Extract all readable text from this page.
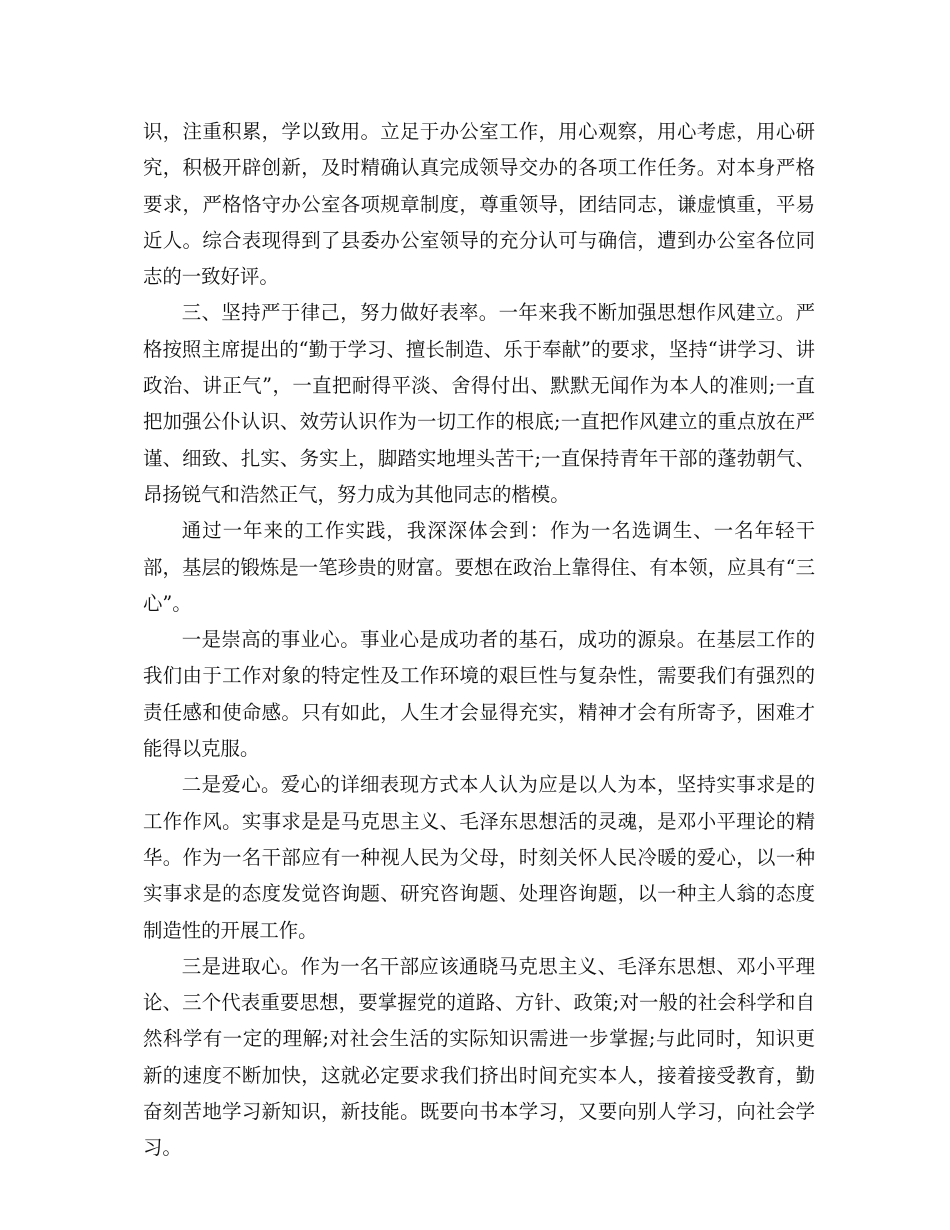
识，注重积累，学以致用。立足于办公室工作，用心观察，用心考虑，用心研究，积极开辟创新，及时精确认真完成领导交办的各项工作任务。对本身严格要求，严格恪守办公室各项规章制度，尊重领导，团结同志，谦虚慎重，平易近人。综合表现得到了县委办公室领导的充分认可与确信，遭到办公室各位同志的一致好评。

三、坚持严于律己，努力做好表率。一年来我不断加强思想作风建立。严格按照主席提出的“勤于学习、擅长制造、乐于奉献”的要求，坚持“讲学习、讲政治、讲正气”，一直把耐得平淡、舍得付出、默默无闻作为本人的准则;一直把加强公仆认识、效劳认识作为一切工作的根底;一直把作风建立的重点放在严谨、细致、扎实、务实上，脚踏实地埋头苦干;一直保持青年干部的蓬勃朝气、昂扬锐气和浩然正气，努力成为其他同志的楷模。

通过一年来的工作实践，我深深体会到：作为一名选调生、一名年轻干部，基层的锻炼是一笔珍贵的财富。要想在政治上靠得住、有本领，应具有“三心”。

一是崇高的事业心。事业心是成功者的基石，成功的源泉。在基层工作的我们由于工作对象的特定性及工作环境的艰巨性与复杂性，需要我们有强烈的责任感和使命感。只有如此，人生才会显得充实，精神才会有所寄予，困难才能得以克服。

二是爱心。爱心的详细表现方式本人认为应是以人为本，坚持实事求是的工作作风。实事求是是马克思主义、毛泽东思想活的灵魂，是邓小平理论的精华。作为一名干部应有一种视人民为父母，时刻关怀人民冷暖的爱心，以一种实事求是的态度发觉咨询题、研究咨询题、处理咨询题，以一种主人翁的态度制造性的开展工作。

三是进取心。作为一名干部应该通晓马克思主义、毛泽东思想、邓小平理论、三个代表重要思想，要掌握党的道路、方针、政策;对一般的社会科学和自然科学有一定的理解;对社会生活的实际知识需进一步掌握;与此同时，知识更新的速度不断加快，这就必定要求我们挤出时间充实本人，接着接受教育，勤奋刻苦地学习新知识，新技能。既要向书本学习，又要向别人学习，向社会学习。
